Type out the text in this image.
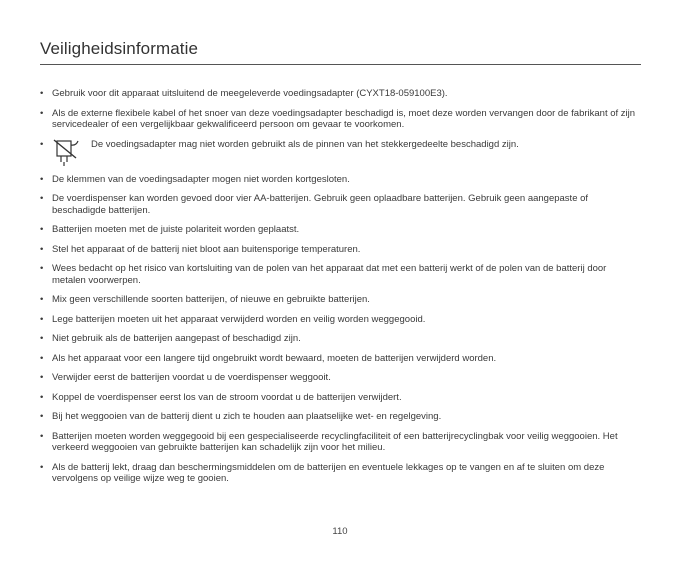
Veiligheidsinformatie
• Gebruik voor dit apparaat uitsluitend de meegeleverde voedingsadapter (CYXT18-059100E3).
• Als de externe flexibele kabel of het snoer van deze voedingsadapter beschadigd is, moet deze worden vervangen door de fabrikant of zijn servicedealer of een vergelijkbaar gekwalificeerd persoon om gevaar te voorkomen.
•	De voedingsadapter mag niet worden gebruikt als de pinnen van het stekkergedeelte beschadigd zijn.
• De klemmen van de voedingsadapter mogen niet worden kortgesloten.
• De voerdispenser kan worden gevoed door vier AA-batterijen. Gebruik geen oplaadbare batterijen. Gebruik geen aangepaste of beschadigde batterijen.
• Batterijen moeten met de juiste polariteit worden geplaatst.
• Stel het apparaat of de batterij niet bloot aan buitensporige temperaturen.
• Wees bedacht op het risico van kortsluiting van de polen van het apparaat dat met een batterij werkt of de polen van de batterij door metalen voorwerpen.
• Mix geen verschillende soorten batterijen, of nieuwe en gebruikte batterijen.
• Lege batterijen moeten uit het apparaat verwijderd worden en veilig worden weggegooid.
• Niet gebruik als de batterijen aangepast of beschadigd zijn.
• Als het apparaat voor een langere tijd ongebruikt wordt bewaard, moeten de batterijen verwijderd worden.
• Verwijder eerst de batterijen voordat u de voerdispenser weggooit.
• Koppel de voerdispenser eerst los van de stroom voordat u de batterijen verwijdert.
• Bij het weggooien van de batterij dient u zich te houden aan plaatselijke wet- en regelgeving.
• Batterijen moeten worden weggegooid bij een gespecialiseerde recyclingfaciliteit of een batterijrecyclingbak voor veilig weggooien. Het verkeerd weggooien van gebruikte batterijen kan schadelijk zijn voor het milieu.
• Als de batterij lekt, draag dan beschermingsmiddelen om de batterijen en eventuele lekkages op te vangen en af te sluiten om deze vervolgens op veilige wijze weg te gooien.
110
